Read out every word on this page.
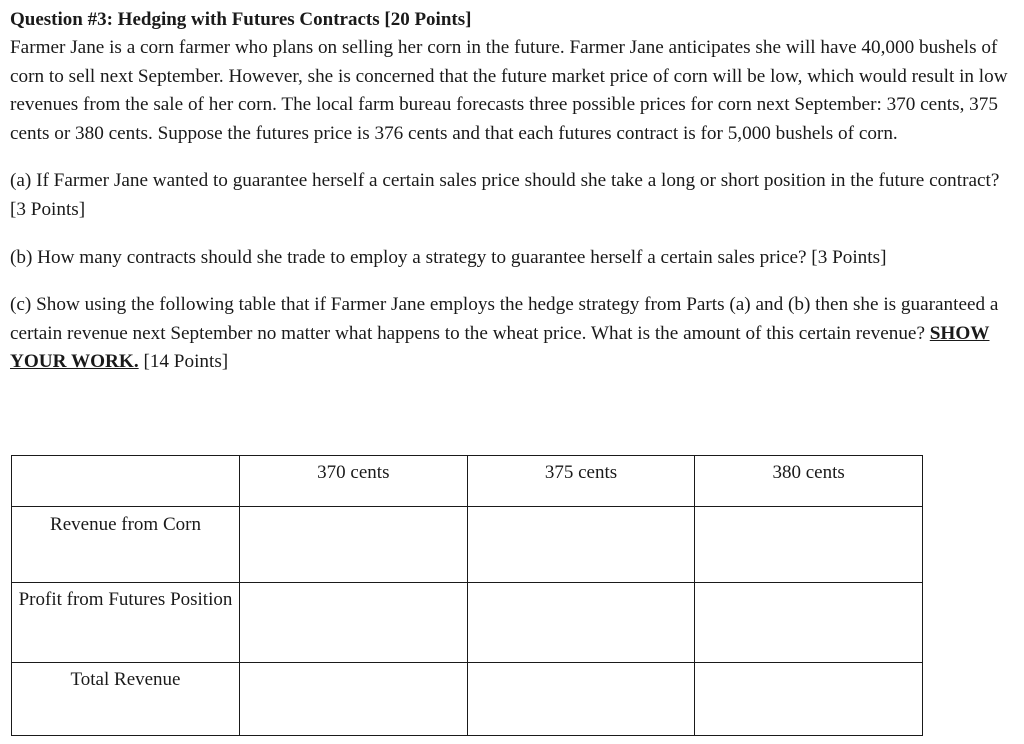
Question #3: Hedging with Futures Contracts [20 Points]

Farmer Jane is a corn farmer who plans on selling her corn in the future. Farmer Jane anticipates she will have 40,000 bushels of corn to sell next September. However, she is concerned that the future market price of corn will be low, which would result in low revenues from the sale of her corn. The local farm bureau forecasts three possible prices for corn next September: 370 cents, 375 cents or 380 cents. Suppose the futures price is 376 cents and that each futures contract is for 5,000 bushels of corn.

(a) If Farmer Jane wanted to guarantee herself a certain sales price should she take a long or short position in the future contract? [3 Points]

(b) How many contracts should she trade to employ a strategy to guarantee herself a certain sales price? [3 Points]

(c) Show using the following table that if Farmer Jane employs the hedge strategy from Parts (a) and (b) then she is guaranteed a certain revenue next September no matter what happens to the wheat price. What is the amount of this certain revenue? SHOW YOUR WORK. [14 Points]

	370 cents	375 cents	380 cents
Revenue from Corn			
Profit from Futures Position			
Total Revenue			
